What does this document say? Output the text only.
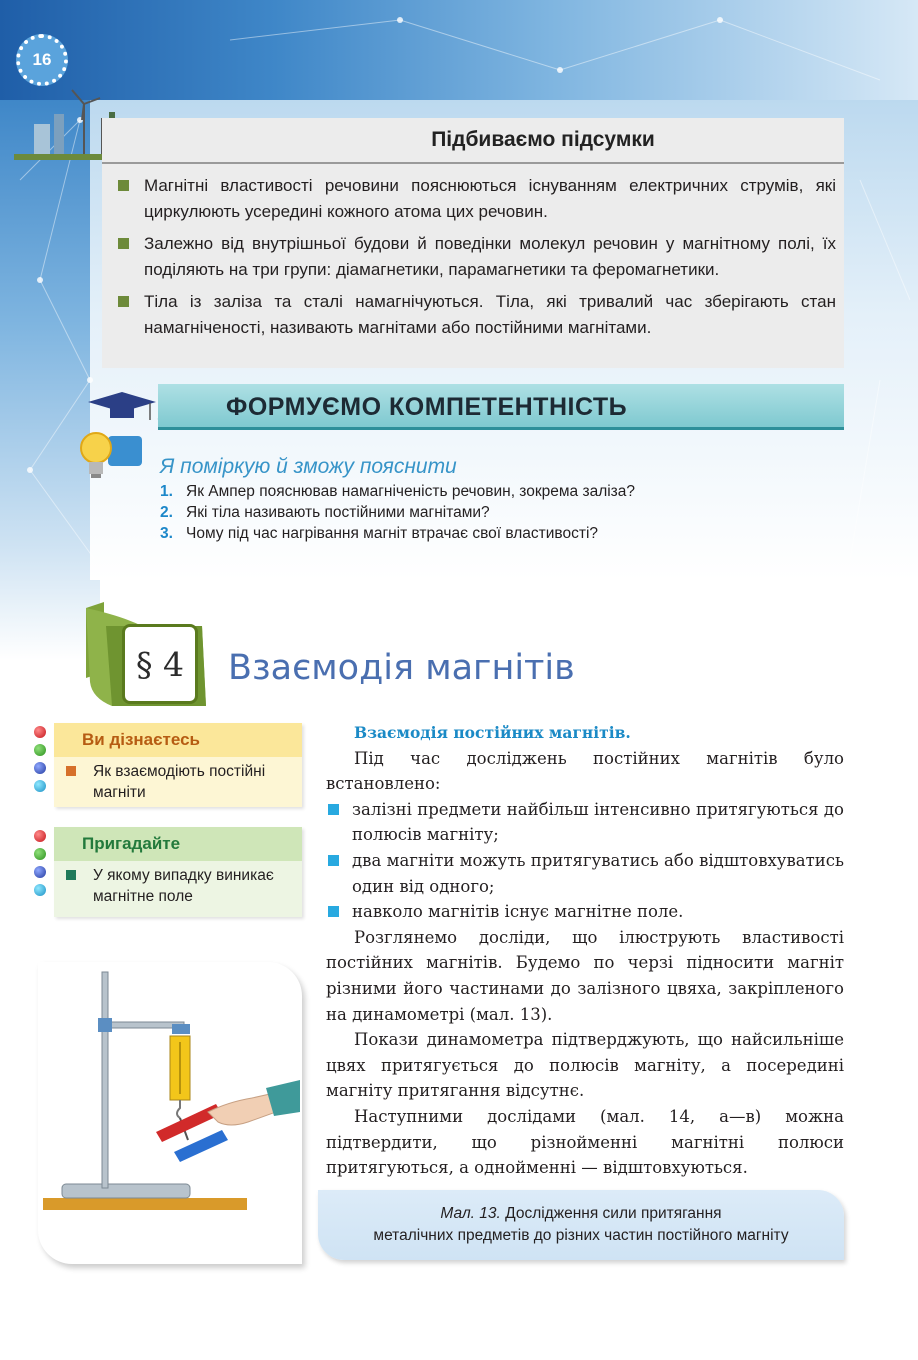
16
Підбиваємо підсумки
Магнітні властивості речовини пояснюються існуванням електричних струмів, які циркулюють усередині кожного атома цих речовин.
Залежно від внутрішньої будови й поведінки молекул речовин у магнітному полі, їх поділяють на три групи: діамагнетики, парамагнетики та феромагнетики.
Тіла із заліза та сталі намагнічуються. Тіла, які тривалий час зберігають стан намагніченості, називають магнітами або постійними магнітами.
ФОРМУЄМО КОМПЕТЕНТНІСТЬ
Я поміркую й зможу пояснити
1. Як Ампер пояснював намагніченість речовин, зокрема заліза?
2. Які тіла називають постійними магнітами?
3. Чому під час нагрівання магніт втрачає свої властивості?
§ 4	Взаємодія магнітів
Ви дізнаєтесь
Як взаємодіють постійні магніти
Пригадайте
У якому випадку виникає магнітне поле

Взаємодія постійних магнітів.

Під час досліджень постійних магнітів було встановлено:

залізні предмети найбільш інтенсивно притягуються до полюсів магніту;
два магніти можуть притягуватись або відштовхуватись один від одного;
навколо магнітів існує магнітне поле.

Розглянемо досліди, що ілюструють властивості постійних магнітів. Будемо по черзі підносити магніт різними його частинами до залізного цвяха, закріпленого на динамометрі (мал. 13).

Покази динамометра підтверджують, що найсильніше цвях притягується до полюсів магніту, а посередині магніту притягання відсутнє.

Наступними дослідами (мал. 14, а—в) можна підтвердити, що різнойменні магнітні полюси притягуються, а однойменні — відштовхуються.

Мал. 13. Дослідження сили притягання
металічних предметів до різних частин постійного магніту
